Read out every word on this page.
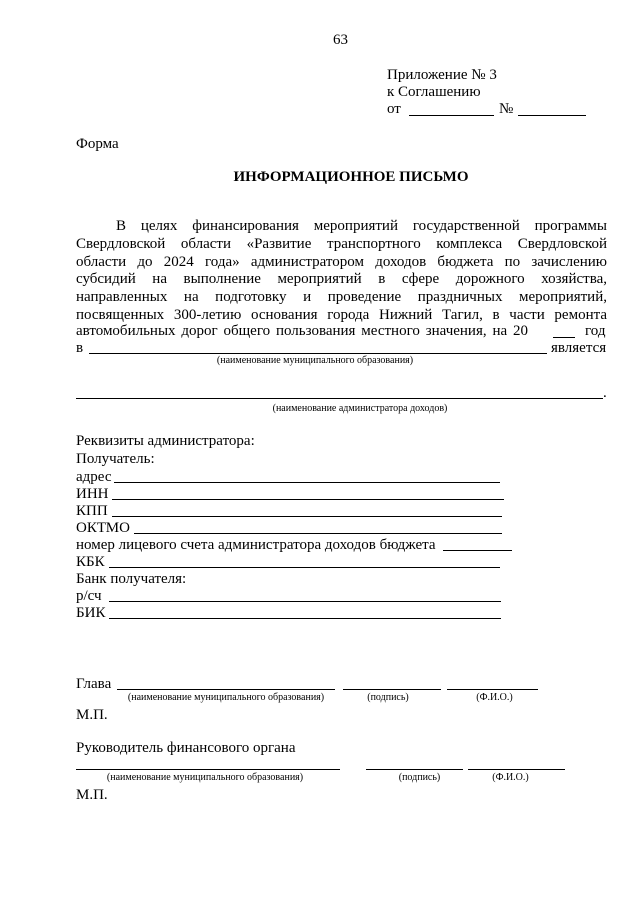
63
Приложение № 3
к Соглашению
от	№
Форма
ИНФОРМАЦИОННОЕ ПИСЬМО
В целях финансирования мероприятий государственной программы
Свердловской области «Развитие транспортного комплекса Свердловской
области до 2024 года» администратором доходов бюджета по зачислению
субсидий на выполнение мероприятий в сфере дорожного хозяйства,
направленных на подготовку и проведение праздничных мероприятий,
посвященных 300-летию основания города Нижний Тагил, в части ремонта
автомобильных дорог общего пользования местного значения, на 20	год
в	является
(наименование муниципального образования)
.
(наименование администратора доходов)
Реквизиты администратора:
Получатель:
адрес
ИНН
КПП
ОКТМО
номер лицевого счета администратора доходов бюджета
КБК
Банк получателя:
р/сч
БИК
Глава
(наименование муниципального образования)	(подпись)	(Ф.И.О.)
М.П.
Руководитель финансового органа
(наименование муниципального образования)	(подпись)	(Ф.И.О.)
М.П.
